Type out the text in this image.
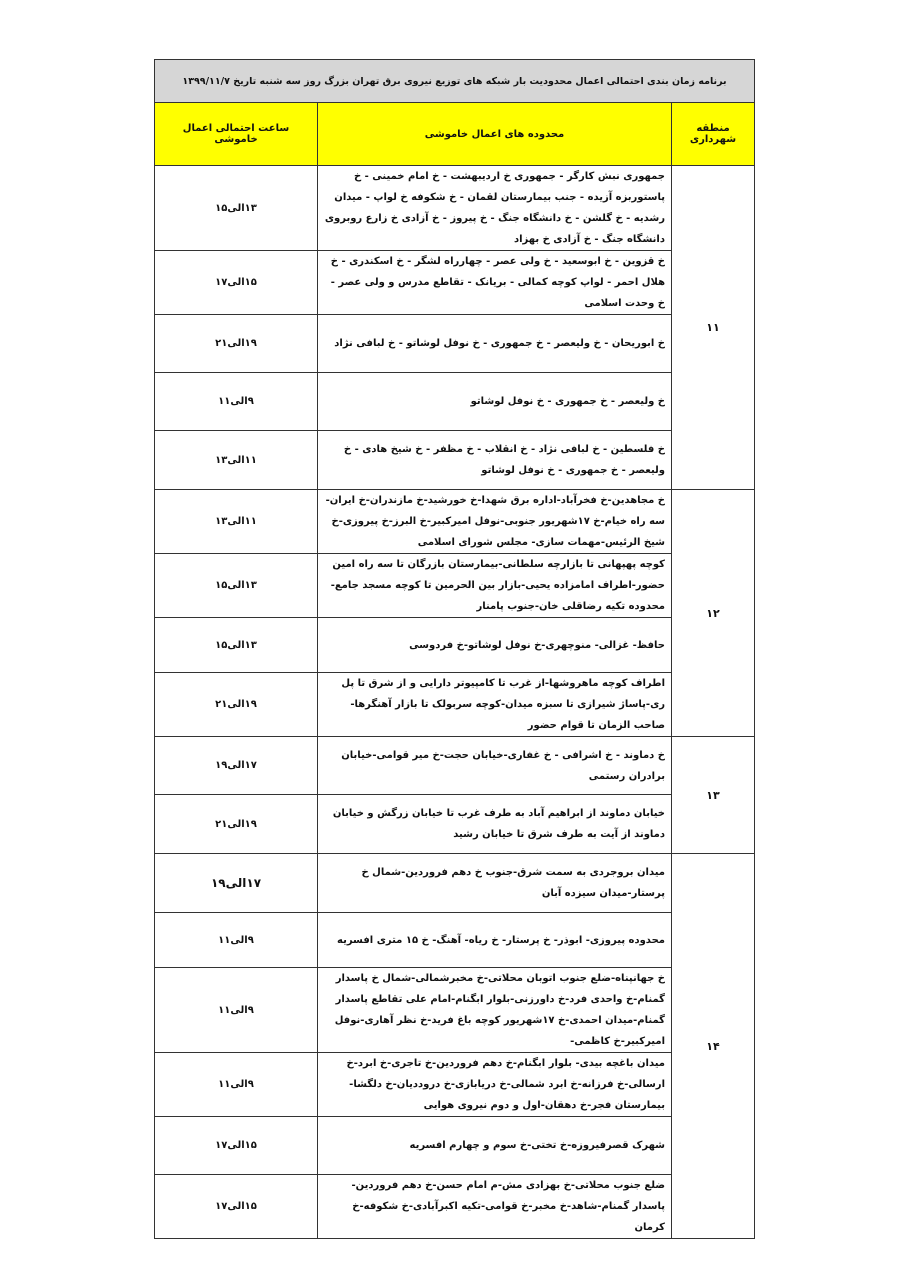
برنامه زمان بندی احتمالی اعمال محدودیت بار شبکه های توزیع نیروی برق تهران بزرگ روز سه شنبه تاریخ ۱۳۹۹/۱۱/۷		
منطقه شهرداری	محدوده های اعمال خاموشی	ساعت احتمالی اعمال خاموشی
۱۱	جمهوری نبش کارگر - جمهوری خ اردیبهشت - خ امام خمینی - خ پاستوربزه آزیده - جنب بیمارستان لقمان - خ شکوفه خ لواپ - میدان رشدیه - خ گلشن - خ دانشگاه جنگ - خ پیروز - خ آزادی خ زارع روبروی دانشگاه جنگ - خ آزادی خ بهزاد	۱۳الی۱۵
	خ قزوین - خ ابوسعید - خ ولی عصر - چهارراه لشگر - خ اسکندری - خ هلال احمر - لواپ کوچه کمالی - بریانک - تقاطع مدرس و ولی عصر - خ وحدت اسلامی	۱۵الی۱۷
	خ ابوریحان - خ ولیعصر - خ جمهوری - خ نوفل لوشاتو - خ لبافی نژاد	۱۹الی۲۱
	خ ولیعصر - خ جمهوری - خ نوفل لوشاتو	۹الی۱۱
	خ فلسطین - خ لبافی نژاد - خ انقلاب - خ مظفر - خ شیخ هادی - خ ولیعصر - خ جمهوری - خ نوفل لوشاتو	۱۱الی۱۳
۱۲	خ مجاهدین-خ فخرآباد-اداره برق شهدا-خ خورشید-خ مازندران-خ ایران-سه راه خیام-خ ۱۷شهریور جنوبی-نوفل امیرکبیر-خ البرز-خ پیروزی-خ شیخ الرئیس-مهمات سازی- مجلس شورای اسلامی	۱۱الی۱۳
	کوچه پهپهانی تا بازارچه سلطانی-بیمارستان بازرگان تا سه راه امین حضور-اطراف امامزاده یحیی-بازار بین الحرمین تا کوچه مسجد جامع-محدوده تکیه رضاقلی خان-جنوب پامنار	۱۳الی۱۵
	حافظ- غزالی- منوچهری-خ نوفل لوشاتو-خ فردوسی	۱۳الی۱۵
	اطراف کوچه ماهروشها-از غرب تا کامپیوتر دارایی و از شرق تا پل ری-پاساژ شیرازی تا سبزه میدان-کوچه سربولک تا بازار آهنگرها-صاحب الزمان تا قوام حضور	۱۹الی۲۱
۱۳	خ دماوند - خ اشرافی - خ غفاری-خیابان حجت-خ میر قوامی-خیابان برادران رستمی	۱۷الی۱۹
	خیابان دماوند از ابراهیم آباد به طرف غرب تا خیابان زرگش و خیابان دماوند از آیت به طرف شرق تا خیابان رشید	۱۹الی۲۱
۱۴	میدان بروجردی به سمت شرق-جنوب خ دهم فروردین-شمال خ پرستار-میدان سیزده آبان	۱۷الی۱۹
	محدوده پیروزی- ابوذر- خ پرستار- خ ریاه- آهنگ- خ ۱۵ متری افسریه	۹الی۱۱
	خ جهانپناه-ضلع جنوب اتوبان محلاتی-خ مخبرشمالی-شمال خ پاسدار گمنام-خ واحدی فرد-خ داورزنی-بلوار ابگنام-امام علی تقاطع پاسدار گمنام-میدان احمدی-خ ۱۷شهریور کوچه باغ فرید-خ نظر آهاری-نوفل امیرکبیر-خ کاظمی-	۹الی۱۱
	میدان باغچه بیدی- بلوار ابگنام-خ دهم فروردین-خ تاجری-خ ابرد-خ ارسالی-خ فرزانه-خ ابرد شمالی-خ دریابازی-خ دروددیان-خ دلگشا-بیمارستان فجر-خ دهقان-اول و دوم نیروی هوایی	۹الی۱۱
	شهرک قصرفیروزه-خ تختی-خ سوم و چهارم افسریه	۱۵الی۱۷
	ضلع جنوب محلاتی-خ بهزادی مش-م امام حسن-خ دهم فروردین-پاسدار گمنام-شاهد-خ مخبر-خ قوامی-تکیه اکبرآبادی-خ شکوفه-خ کرمان	۱۵الی۱۷
